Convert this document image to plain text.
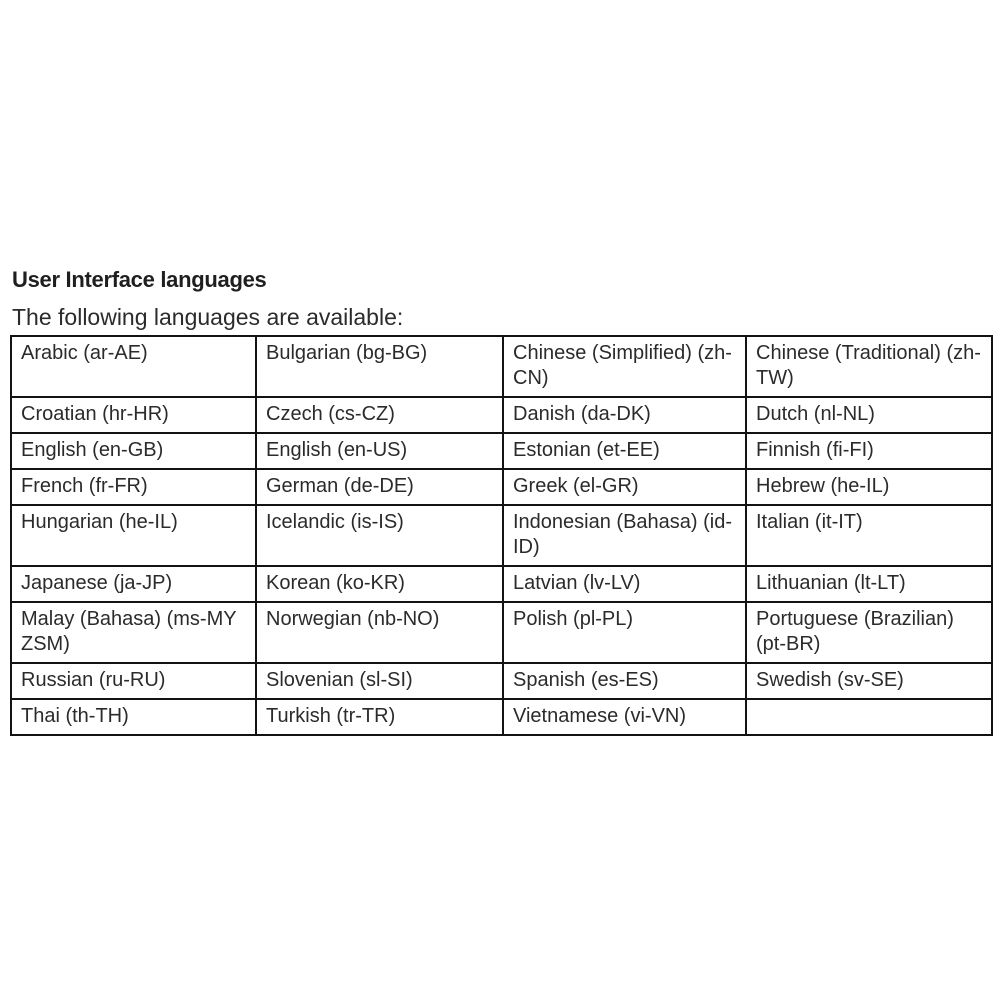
User Interface languages

The following languages are available:

Arabic (ar-AE)	Bulgarian (bg-BG)	Chinese (Simplified) (zh-CN)	Chinese (Traditional) (zh-TW)
Croatian (hr-HR)	Czech (cs-CZ)	Danish (da-DK)	Dutch (nl-NL)
English (en-GB)	English (en-US)	Estonian (et-EE)	Finnish (fi-FI)
French (fr-FR)	German (de-DE)	Greek (el-GR)	Hebrew (he-IL)
Hungarian (he-IL)	Icelandic (is-IS)	Indonesian (Bahasa) (id-ID)	Italian (it-IT)
Japanese (ja-JP)	Korean (ko-KR)	Latvian (lv-LV)	Lithuanian (lt-LT)
Malay (Bahasa) (ms-MY ZSM)	Norwegian (nb-NO)	Polish (pl-PL)	Portuguese (Brazilian) (pt-BR)
Russian (ru-RU)	Slovenian (sl-SI)	Spanish (es-ES)	Swedish (sv-SE)
Thai (th-TH)	Turkish (tr-TR)	Vietnamese (vi-VN)	
